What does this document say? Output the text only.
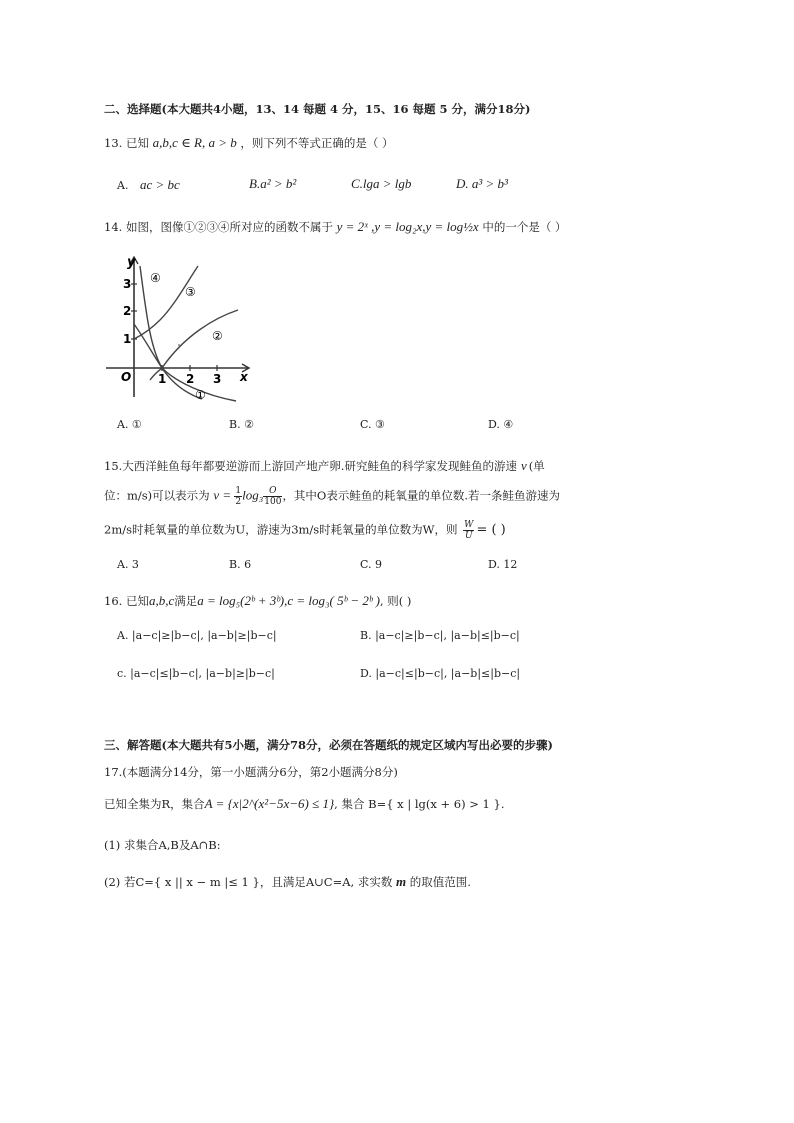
二、选择题(本大题共4小题，13、14 每题 4 分，15、16 每题 5 分，满分18分)
13. 已知 a,b,c ∈ R, a > b ，则下列不等式正确的是（ ）
A. ac > bc	B.a² > b²	C.lga > lgb	D. a³ > b³
14. 如图，图像①②③④所对应的函数不属于 y = 2ˣ ,y = log₂x,y = log½x 中的一个是（ ）
y
x
O
1
2
3
1 2 3
①
②
③
④
A. ①	B. ②	C. ③	D. ④
15.大西洋鲑鱼每年都要逆游而上游回产地产卵.研究鲑鱼的科学家发现鲑鱼的游速 v (单
位：m/s)可以表示为 $v = \frac{1}{2} \log_3 \frac{O}{100}$ ，其中O表示鲑鱼的耗氧量的单位数.若一条鲑鱼游速为
2m/s时耗氧量的单位数为U，游速为3m/s时耗氧量的单位数为W，则 $\frac{W}{U}$ = ( )
A. 3	B. 6	C. 9	D. 12
16. 已知a,b,c满足a = log₅(2ᵇ + 3ᵇ),c = log₃( 5ᵇ − 2ᵇ ), 则( )
A. |a−c|≥|b−c|, |a−b|≥|b−c|	B. |a−c|≥|b−c|, |a−b|≤|b−c|
c. |a−c|≤|b−c|, |a−b|≥|b−c|	D. |a−c|≤|b−c|, |a−b|≤|b−c|
三、解答题(本大题共有5小题，满分78分，必须在答题纸的规定区域内写出必要的步骤)
17.(本题满分14分，第一小题满分6分，第2小题满分8分)
已知全集为R，集合A = {x|2^(x²−5x−6) ≤ 1}, 集合 B={ x | lg(x + 6) > 1 }.
(1) 求集合A,B及A∩B:
(2) 若C={ x || x − m |≤ 1 }，且满足A∪C=A, 求实数 m 的取值范围.
